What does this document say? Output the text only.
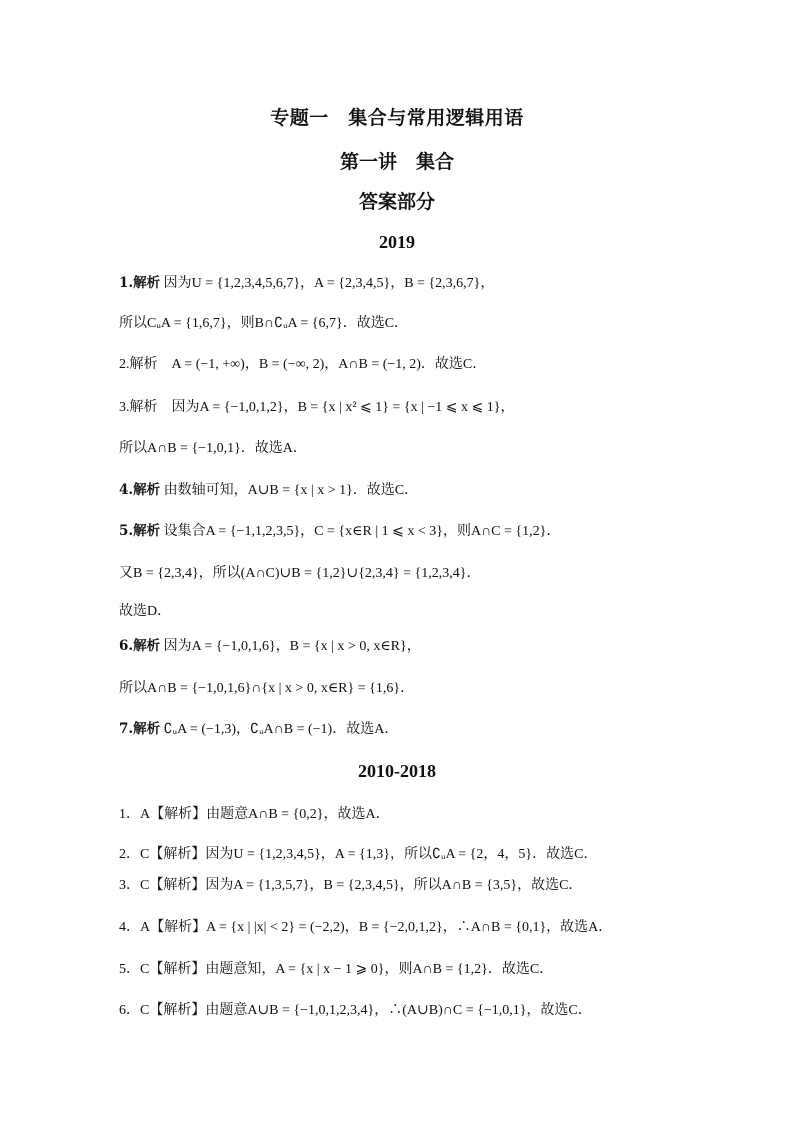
专题一　集合与常用逻辑用语
第一讲　集合
答案部分
2019
1.解析 因为U = {1,2,3,4,5,6,7}，A = {2,3,4,5}，B = {2,3,6,7}，
所以CᵤA = {1,6,7}，则B∩∁ᵤA = {6,7}．故选C．
2.解析　A = (−1, +∞)，B = (−∞, 2)，A∩B = (−1, 2)．故选C．
3.解析　因为A = {−1,0,1,2}，B = {x | x² ⩽ 1} = {x | −1 ⩽ x ⩽ 1}，
所以A∩B = {−1,0,1}．故选A．
4.解析 由数轴可知，A∪B = {x | x > 1}．故选C．
5.解析 设集合A = {−1,1,2,3,5}，C = {x∈R | 1 ⩽ x < 3}，则A∩C = {1,2}．
又B = {2,3,4}，所以(A∩C)∪B = {1,2}∪{2,3,4} = {1,2,3,4}．
故选D．
6.解析 因为A = {−1,0,1,6}，B = {x | x > 0, x∈R}，
所以A∩B = {−1,0,1,6}∩{x | x > 0, x∈R} = {1,6}．
7.解析 ∁ᵤA = (−1,3)，∁ᵤA∩B = (−1)．故选A．
2010-2018
1．A【解析】由题意A∩B = {0,2}，故选A．
2．C【解析】因为U = {1,2,3,4,5}，A = {1,3}，所以∁ᵤA = {2，4，5}．故选C．
3．C【解析】因为A = {1,3,5,7}，B = {2,3,4,5}，所以A∩B = {3,5}，故选C．
4．A【解析】A = {x | |x| < 2} = (−2,2)，B = {−2,0,1,2}，∴A∩B = {0,1}，故选A．
5．C【解析】由题意知，A = {x | x − 1 ⩾ 0}，则A∩B = {1,2}．故选C．
6．C【解析】由题意A∪B = {−1,0,1,2,3,4}，∴(A∪B)∩C = {−1,0,1}，故选C．
